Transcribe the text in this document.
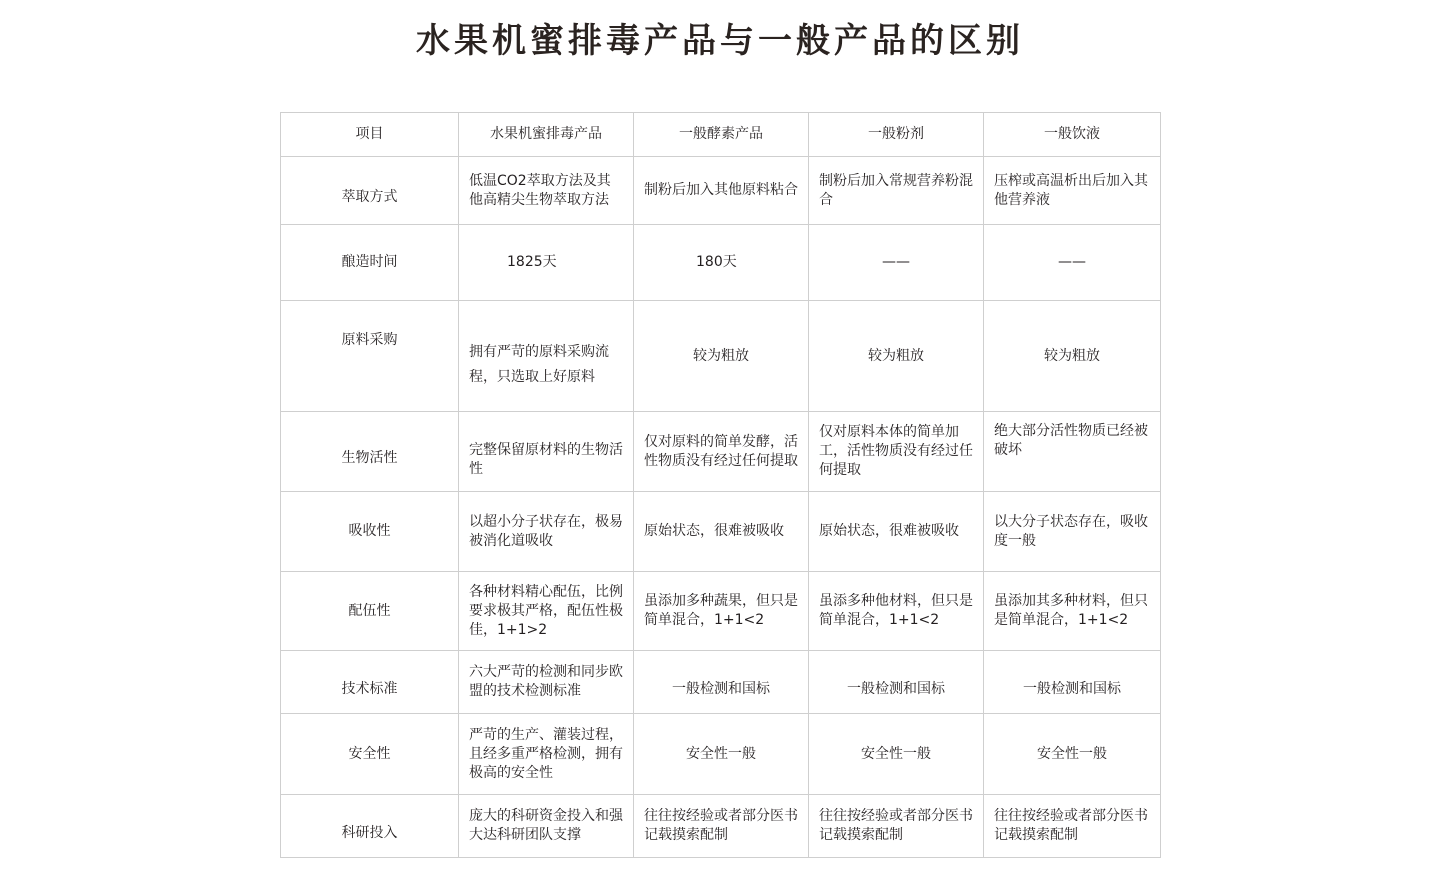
水果机蜜排毒产品与一般产品的区别
项目	水果机蜜排毒产品	一般酵素产品	一般粉剂	一般饮液
萃取方式	低温CO2萃取方法及其他高精尖生物萃取方法	制粉后加入其他原料粘合	制粉后加入常规营养粉混合	压榨或高温析出后加入其他营养液
酿造时间	1825天	180天	——	——
原料采购	拥有严苛的原料采购流程，只选取上好原料	较为粗放	较为粗放	较为粗放
生物活性	完整保留原材料的生物活性	仅对原料的简单发酵，活性物质没有经过任何提取	仅对原料本体的简单加工，活性物质没有经过任何提取	绝大部分活性物质已经被破坏
吸收性	以超小分子状存在，极易被消化道吸收	原始状态，很难被吸收	原始状态，很难被吸收	以大分子状态存在，吸收度一般
配伍性	各种材料精心配伍，比例要求极其严格，配伍性极佳，1+1>2	虽添加多种蔬果，但只是简单混合，1+1<2	虽添多种他材料，但只是简单混合，1+1<2	虽添加其多种材料，但只是简单混合，1+1<2
技术标准	六大严苛的检测和同步欧盟的技术检测标准	一般检测和国标	一般检测和国标	一般检测和国标
安全性	严苛的生产、灌装过程，且经多重严格检测，拥有极高的安全性	安全性一般	安全性一般	安全性一般
科研投入	庞大的科研资金投入和强大达科研团队支撑	往往按经验或者部分医书记载摸索配制	往往按经验或者部分医书记载摸索配制	往往按经验或者部分医书记载摸索配制
